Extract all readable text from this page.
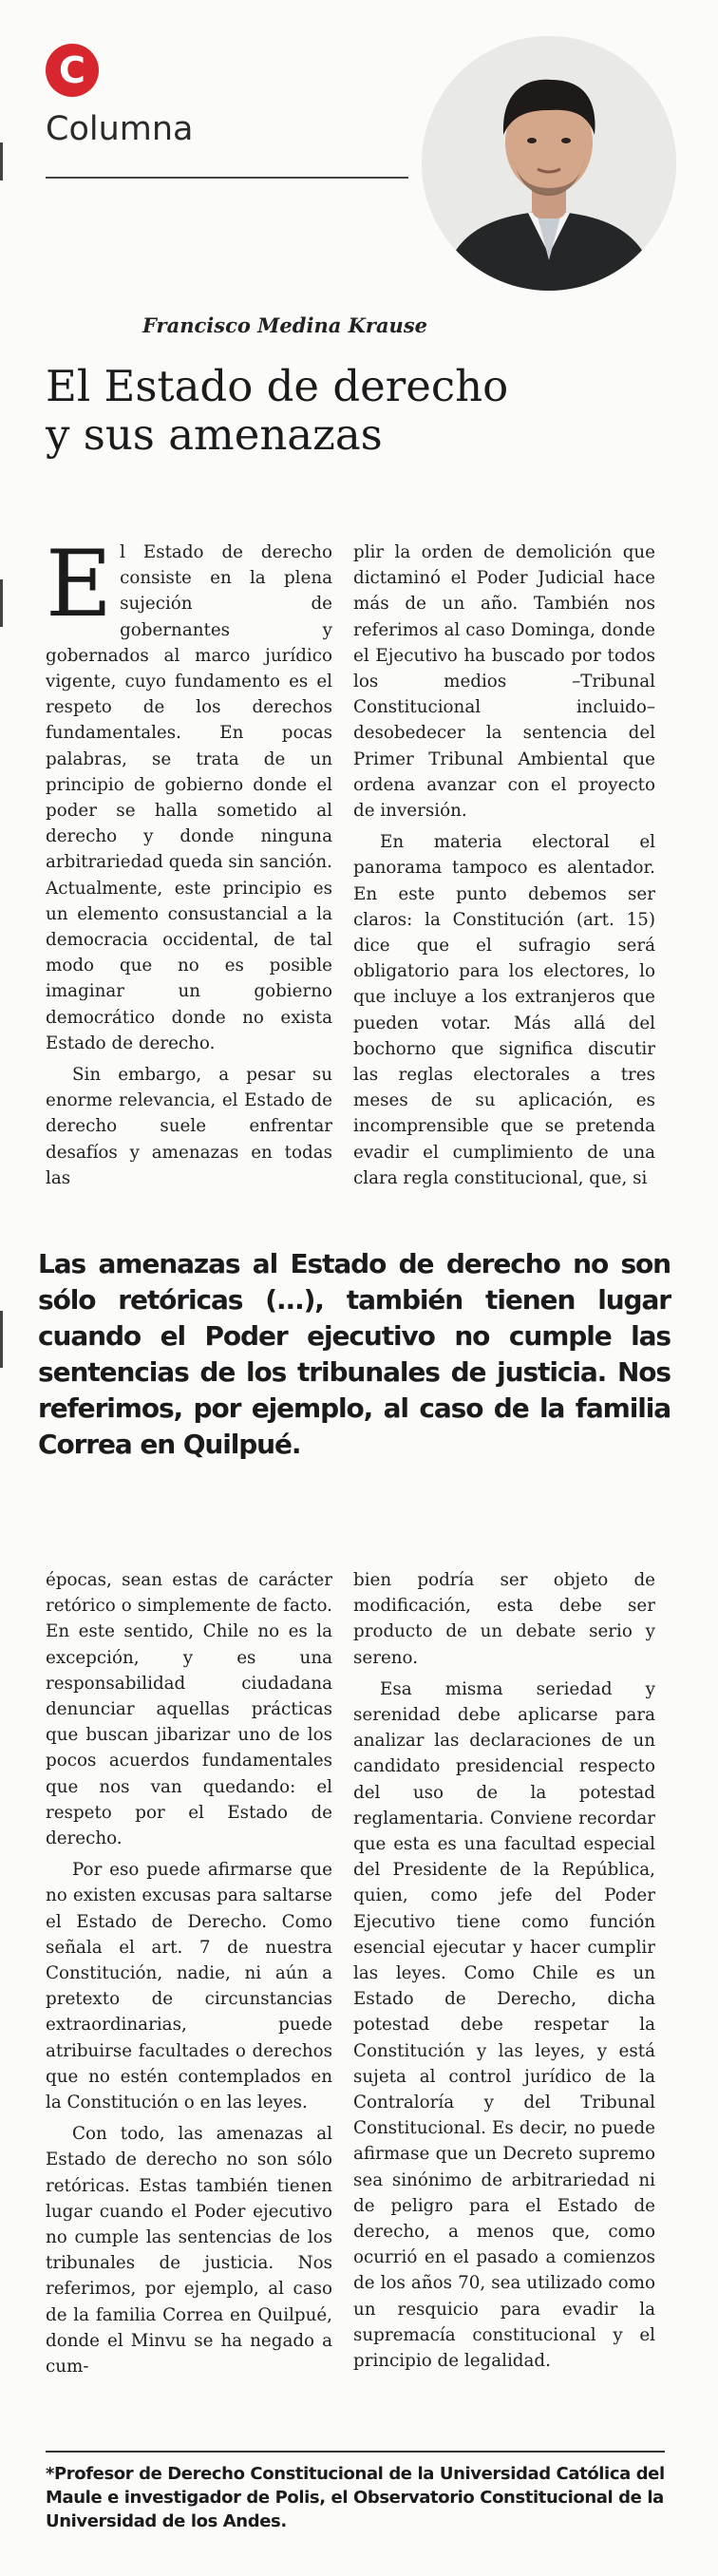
C
Columna
Francisco Medina Krause
El Estado de derecho
y sus amenazas

El Estado de derecho consiste en la plena sujeción de gobernantes y gobernados al marco jurídico vigente, cuyo fundamento es el respeto de los derechos fundamentales. En pocas palabras, se trata de un principio de gobierno donde el poder se halla sometido al derecho y donde ninguna arbitrariedad queda sin sanción. Actualmente, este principio es un elemento consustancial a la democracia occidental, de tal modo que no es posible imaginar un gobierno democrático donde no exista Estado de derecho.

Sin embargo, a pesar su enorme relevancia, el Estado de derecho suele enfrentar desafíos y amenazas en todas las

plir la orden de demolición que dictaminó el Poder Judicial hace más de un año. También nos referimos al caso Dominga, donde el Ejecutivo ha buscado por todos los medios –Tribunal Constitucional incluido– desobedecer la sentencia del Primer Tribunal Ambiental que ordena avanzar con el proyecto de inversión.

En materia electoral el panorama tampoco es alentador. En este punto debemos ser claros: la Constitución (art. 15) dice que el sufragio será obligatorio para los electores, lo que incluye a los extranjeros que pueden votar. Más allá del bochorno que significa discutir las reglas electorales a tres meses de su aplicación, es incomprensible que se pretenda evadir el cumplimiento de una clara regla constitucional, que, si

Las amenazas al Estado de derecho no son sólo retóricas (...), también tienen lugar cuando el Poder ejecutivo no cumple las sentencias de los tribunales de justicia. Nos referimos, por ejemplo, al caso de la familia Correa en Quilpué.

épocas, sean estas de carácter retórico o simplemente de facto. En este sentido, Chile no es la excepción, y es una responsabilidad ciudadana denunciar aquellas prácticas que buscan jibarizar uno de los pocos acuerdos fundamentales que nos van quedando: el respeto por el Estado de derecho.

Por eso puede afirmarse que no existen excusas para saltarse el Estado de Derecho. Como señala el art. 7 de nuestra Constitución, nadie, ni aún a pretexto de circunstancias extraordinarias, puede atribuirse facultades o derechos que no estén contemplados en la Constitución o en las leyes.

Con todo, las amenazas al Estado de derecho no son sólo retóricas. Estas también tienen lugar cuando el Poder ejecutivo no cumple las sentencias de los tribunales de justicia. Nos referimos, por ejemplo, al caso de la familia Correa en Quilpué, donde el Minvu se ha negado a cum-

bien podría ser objeto de modificación, esta debe ser producto de un debate serio y sereno.

Esa misma seriedad y serenidad debe aplicarse para analizar las declaraciones de un candidato presidencial respecto del uso de la potestad reglamentaria. Conviene recordar que esta es una facultad especial del Presidente de la República, quien, como jefe del Poder Ejecutivo tiene como función esencial ejecutar y hacer cumplir las leyes. Como Chile es un Estado de Derecho, dicha potestad debe respetar la Constitución y las leyes, y está sujeta al control jurídico de la Contraloría y del Tribunal Constitucional. Es decir, no puede afirmase que un Decreto supremo sea sinónimo de arbitrariedad ni de peligro para el Estado de derecho, a menos que, como ocurrió en el pasado a comienzos de los años 70, sea utilizado como un resquicio para evadir la supremacía constitucional y el principio de legalidad.

*Profesor de Derecho Constitucional de la Universidad Católica del Maule e investigador de Polis, el Observatorio Constitucional de la Universidad de los Andes.
